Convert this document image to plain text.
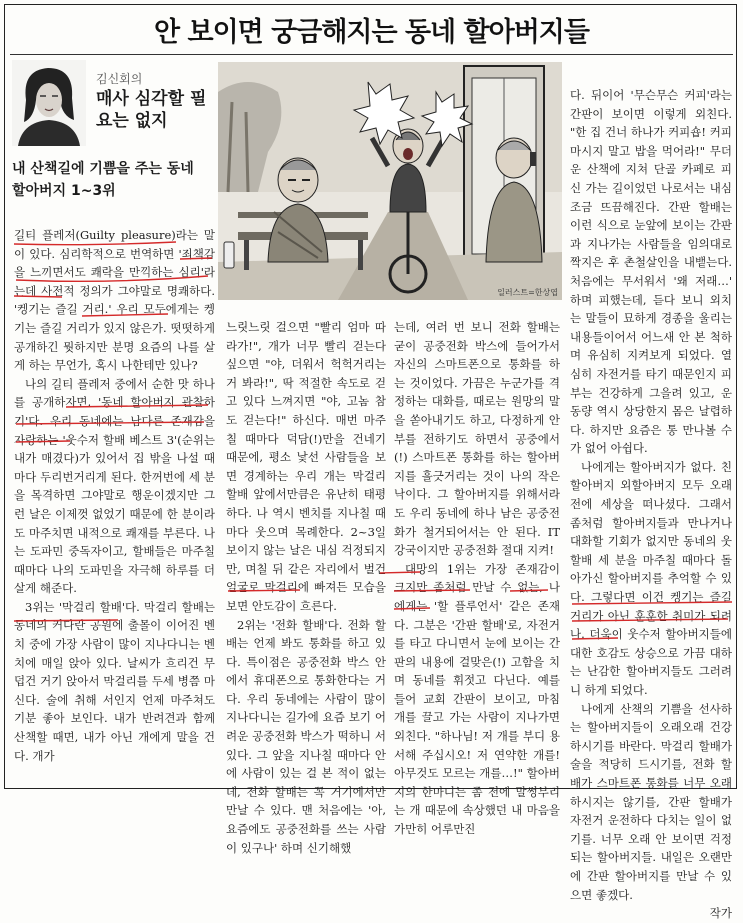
안 보이면 궁금해지는 동네 할아버지들
김신회의
매사 심각할 필요는 없지
내 산책길에 기쁨을 주는 동네 할아버지 1~3위
일러스트=한상엽

길티 플레저(Guilty pleasure)라는 말이 있다. 심리학적으로 번역하면 '죄책감을 느끼면서도 쾌락을 만끽하는 심리'라는데 사전적 정의가 그야말로 명쾌하다. '켕기는 즐길 거리.' 우리 모두에게는 켕기는 즐길 거리가 있지 않은가. 떳떳하게 공개하긴 뭣하지만 분명 요즘의 나를 살게 하는 무언가, 혹시 나한테만 있나?

나의 길티 플레저 중에서 순한 맛 하나를 공개하자면, '동네 할아버지 관찰하기'다. 우리 동네에는 남다른 존재감을 자랑하는 '웃수저 할배 베스트 3'(순위는 내가 매겼다)가 있어서 집 밖을 나설 때마다 두리번거리게 된다. 한꺼번에 세 분을 목격하면 그야말로 행운이겠지만 그런 날은 이제껏 없었기 때문에 한 분이라도 마주치면 내적으로 쾌재를 부른다. 나는 도파민 중독자이고, 할배들은 마주칠 때마다 나의 도파민을 자극해 하루를 더 살게 해준다.

3위는 '막걸리 할배'다. 막걸리 할배는 동네의 커다란 공원에 출몰이 이어진 벤치 중에 가장 사람이 많이 지나다니는 벤치에 매일 앉아 있다. 날씨가 흐리건 무덥건 거기 앉아서 막걸리를 두세 병쯤 마신다. 술에 취해 서인지 언제 마주쳐도 기분 좋아 보인다. 내가 반려견과 함께 산책할 때면, 내가 아닌 개에게 말을 건다. 개가

느릿느릿 걸으면 "빨리 엄마 따라가!", 개가 너무 빨리 걷는다 싶으면 "야, 더워서 헉헉거리는 거 봐라!", 딱 적절한 속도로 걷고 있다 느껴지면 "야, 고놈 참도 걷는다!" 하신다. 매번 마주칠 때마다 덕담(!)만을 건네기 때문에, 평소 낯선 사람들을 보면 경계하는 우리 개는 막걸리 할배 앞에서만큼은 유난히 태평하다. 나 역시 벤치를 지나칠 때마다 웃으며 목례한다. 2~3일 보이지 않는 날은 내심 걱정되지만, 며칠 뒤 같은 자리에서 벌건 얼굴로 막걸리에 빠져든 모습을 보면 안도감이 흐른다.

2위는 '전화 할배'다. 전화 할배는 언제 봐도 통화를 하고 있다. 특이점은 공중전화 박스 안에서 휴대폰으로 통화한다는 거다. 우리 동네에는 사람이 많이 지나다니는 길가에 요즘 보기 어려운 공중전화 박스가 떡하니 서 있다. 그 앞을 지나칠 때마다 안에 사람이 있는 걸 본 적이 없는데, 전화 할배는 꼭 거기에서만 만날 수 있다. 맨 처음에는 '아, 요즘에도 공중전화를 쓰는 사람이 있구나' 하며 신기해했

는데, 여러 번 보니 전화 할배는 굳이 공중전화 박스에 들어가서 자신의 스마트폰으로 통화를 하는 것이었다. 가끔은 누군가를 격정하는 대화를, 때로는 원망의 말을 쏟아내기도 하고, 다정하게 안부를 전하기도 하면서 공중에서(!) 스마트폰 통화를 하는 할아버지를 흘긋거리는 것이 나의 작은 낙이다. 그 할아버지를 위해서라도 우리 동네에 하나 남은 공중전화가 철거되어서는 안 된다. IT 강국이지만 공중전화 절대 지켜!

대망의 1위는 가장 존재감이 크지만 좀처럼 만날 수 없는, 나에게는 '할 플루언서' 같은 존재다. 그분은 '간판 할배'로, 자전거를 타고 다니면서 눈에 보이는 간판의 내용에 걸맞은(!) 고함을 치며 동네를 휘젓고 다닌다. 예를 들어 교회 간판이 보이고, 마침 개를 끌고 가는 사람이 지나가면 외친다. "하나님! 저 개를 부디 용서해 주십시오! 저 연약한 개를! 아무것도 모르는 개를…!" 할아버지의 한마디는 좀 전에 말썽부리는 개 때문에 속상했던 내 마음을 가만히 어루만진

다. 뒤이어 '무슨무슨 커피'라는 간판이 보이면 이렇게 외친다. "한 집 건너 하나가 커피숍! 커피 마시지 말고 밥을 먹어라!" 무더운 산책에 지쳐 단골 카페로 피신 가는 길이었던 나로서는 내심 조금 뜨끔해진다. 간판 할배는 이런 식으로 눈앞에 보이는 간판과 지나가는 사람들을 임의대로 짝지은 후 촌철살인을 내뱉는다. 처음에는 무서워서 '왜 저래…' 하며 피했는데, 듣다 보니 외치는 말들이 묘하게 경종을 울리는 내용들이어서 어느새 안 본 척하며 유심히 지켜보게 되었다. 열심히 자전거를 타기 때문인지 피부는 건강하게 그을려 있고, 운동량 역시 상당한지 몸은 날렵하다. 하지만 요즘은 통 만나볼 수가 없어 아쉽다.

나에게는 할아버지가 없다. 친할아버지 외할아버지 모두 오래전에 세상을 떠나셨다. 그래서 좀처럼 할아버지들과 만나거나 대화할 기회가 없지만 동네의 웃할배 세 분을 마주칠 때마다 돌아가신 할아버지를 추억할 수 있다. 그렇다면 이건 켕기는 즐길 거리가 아닌 훈훈한 취미가 되려나. 더욱이 웃수저 할아버지들에 대한 호감도 상승으로 가끔 대하는 난감한 할아버지들도 그러려니 하게 되었다.

나에게 산책의 기쁨을 선사하는 할아버지들이 오래오래 건강하시기를 바란다. 막걸리 할배가 술을 적당히 드시기를, 전화 할배가 스마트폰 통화를 너무 오래 하시지는 않기를, 간판 할배가 자전거 운전하다 다치는 일이 없기를. 너무 오래 안 보이면 걱정되는 할아버지들. 내일은 오랜만에 간판 할아버지를 만날 수 있으면 좋겠다.

작가
